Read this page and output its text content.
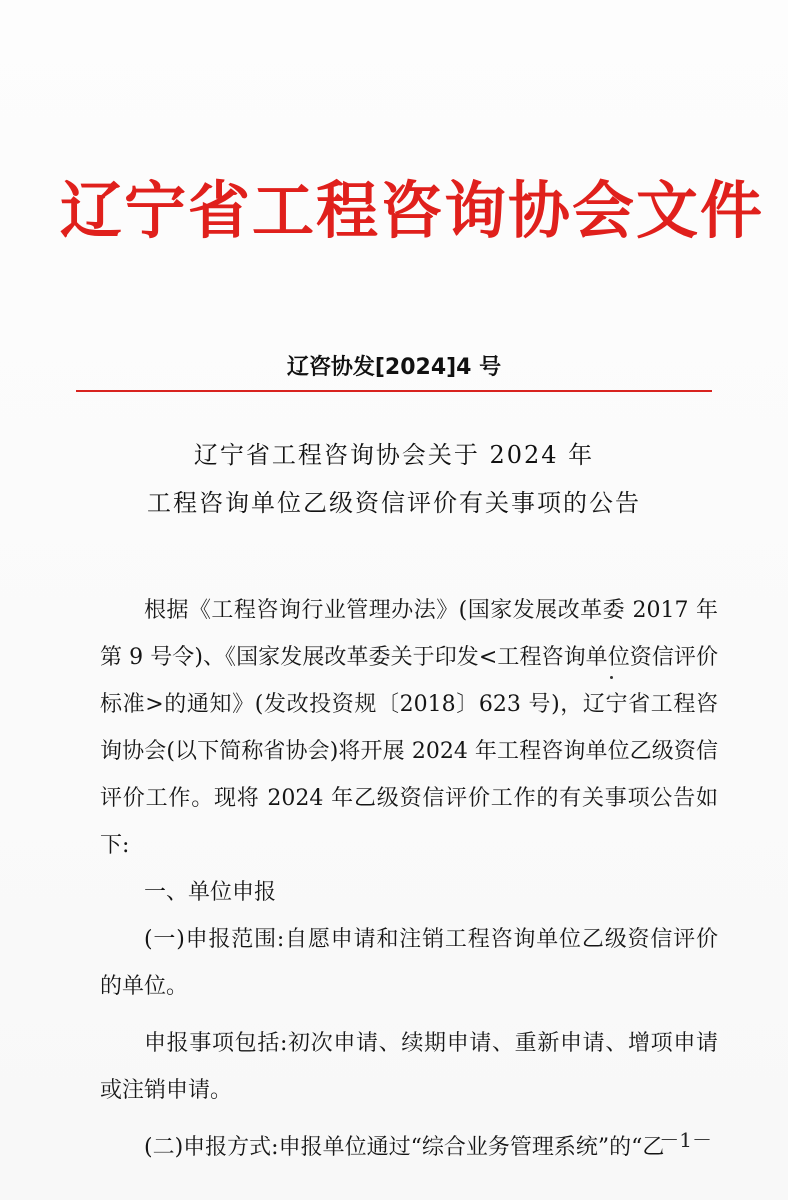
辽宁省工程咨询协会文件
辽咨协发[2024]4 号
辽宁省工程咨询协会关于 2024 年
工程咨询单位乙级资信评价有关事项的公告

根据《工程咨询行业管理办法》(国家发展改革委 2017 年第 9 号令)、《国家发展改革委关于印发<工程咨询单位资信评价标准>的通知》(发改投资规〔2018〕623 号)，辽宁省工程咨询协会(以下简称省协会)将开展 2024 年工程咨询单位乙级资信评价工作。现将 2024 年乙级资信评价工作的有关事项公告如下:

一、单位申报

(一)申报范围:自愿申请和注销工程咨询单位乙级资信评价的单位。

申报事项包括:初次申请、续期申请、重新申请、增项申请或注销申请。

(二)申报方式:申报单位通过“综合业务管理系统”的“乙

－1－
